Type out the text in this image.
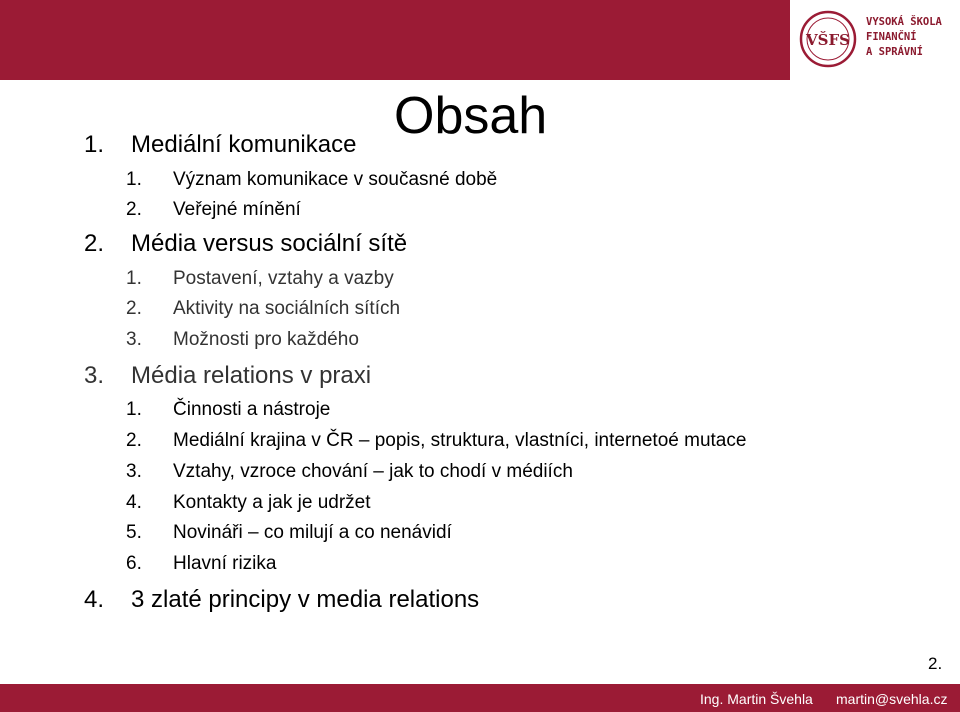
VŠFS
VYSOKÁ ŠKOLA
FINANČNÍ
A SPRÁVNÍ
Obsah
1. Mediální komunikace
1. Význam komunikace v současné době
2. Veřejné mínění
2. Média versus sociální sítě
1. Postavení, vztahy a vazby
2. Aktivity na sociálních sítích
3. Možnosti pro každého
3. Média relations v praxi
1. Činnosti a nástroje
2. Mediální krajina v ČR – popis, struktura, vlastníci, internetoé mutace
3. Vztahy, vzroce chování – jak to chodí v médiích
4. Kontakty a jak je udržet
5. Novináři – co milují a co nenávidí
6. Hlavní rizika
4. 3 zlaté principy v media relations
2.
Ing. Martin Švehla martin@svehla.cz
